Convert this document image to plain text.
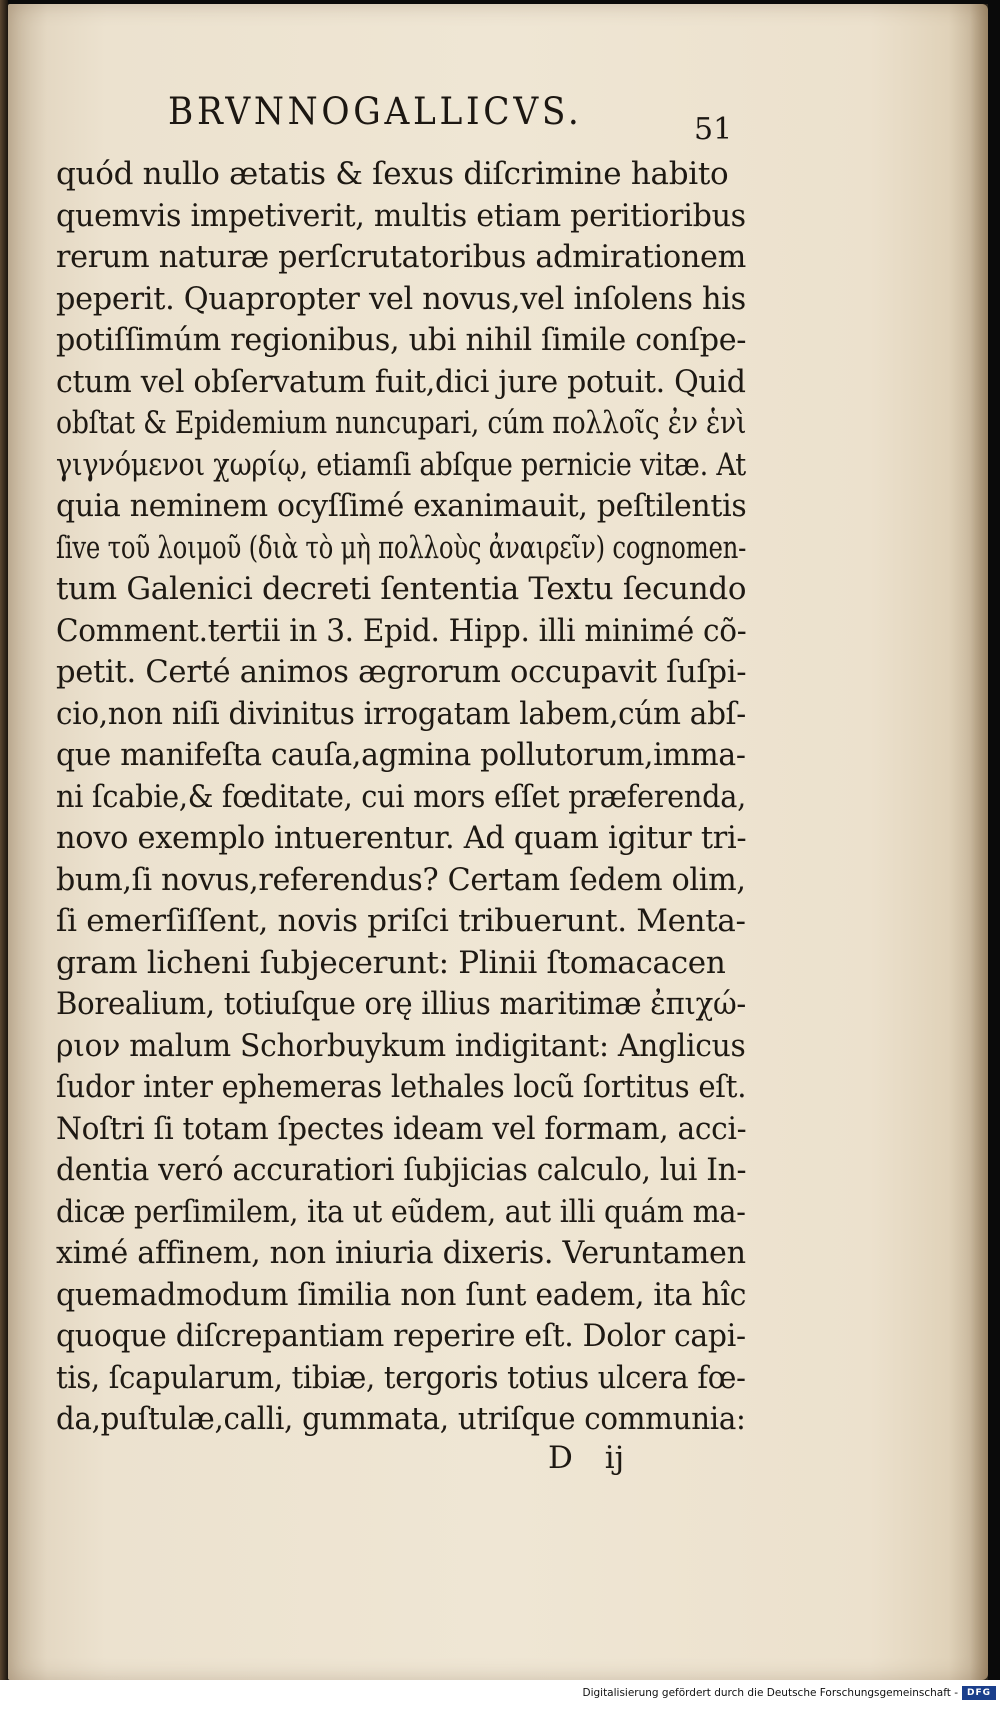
BRVNNOGALLICVS.	51
quód nullo ætatis & ſexus diſcrimine habito
quemvis impetiverit, multis etiam peritioribus
rerum naturæ perſcrutatoribus admirationem
peperit. Quapropter vel novus,vel inſolens his
potiſſimúm regionibus, ubi nihil ſimile conſpe-
ctum vel obſervatum fuit,dici jure potuit. Quid
obſtat & Epidemium nuncupari, cúm πολλοῖς ἐν ἑνὶ
γιγνόμενοι χωρίῳ, etiamſi abſque pernicie vitæ. At
quia neminem ocyſſimé exanimauit, peſtilentis
ſive τοῦ λοιμοῦ (διὰ τὸ μὴ πολλοὺς ἀναιρεῖν) cognomen-
tum Galenici decreti ſententia Textu ſecundo
Comment.tertii in 3. Epid. Hipp. illi minimé cõ-
petit. Certé animos ægrorum occupavit ſuſpi-
cio,non niſi divinitus irrogatam labem,cúm abſ-
que manifeſta cauſa,agmina pollutorum,imma-
ni ſcabie,& fœditate, cui mors eſſet præferenda,
novo exemplo intuerentur. Ad quam igitur tri-
bum,ſi novus,referendus? Certam ſedem olim,
ſi emerſiſſent, novis priſci tribuerunt. Menta-
gram licheni ſubjecerunt: Plinii ſtomacacen
Borealium, totiuſque orę illius maritimæ ἐπιχώ-
ριον malum Schorbuykum indigitant: Anglicus
ſudor inter ephemeras lethales locũ ſortitus eſt.
Noſtri ſi totam ſpectes ideam vel formam, acci-
dentia veró accuratiori ſubjicias calculo, lui In-
dicæ perſimilem, ita ut eũdem, aut illi quám ma-
ximé affinem, non iniuria dixeris. Veruntamen
quemadmodum ſimilia non ſunt eadem, ita hîc
quoque diſcrepantiam reperire eſt. Dolor capi-
tis, ſcapularum, tibiæ, tergoris totius ulcera fœ-
da,puſtulæ,calli, gummata, utriſque communia:
D ij
Digitalisierung gefördert durch die Deutsche Forschungsgemeinschaft - DFG
